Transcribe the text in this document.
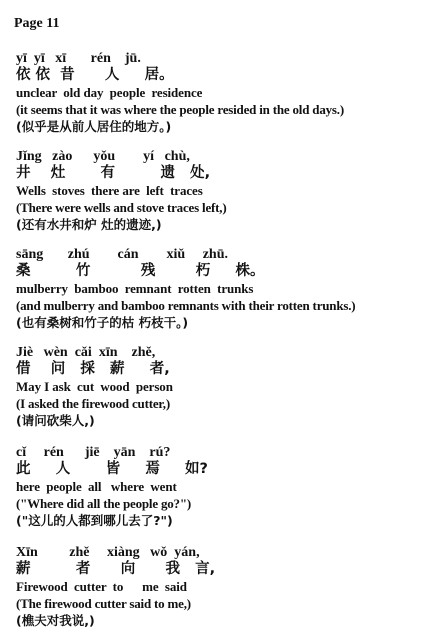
Page 11
yī  yī   xī       rén    jū.
依 依  昔      人     居。
unclear  old day  people  residence
(it seems that it was where the people resided in the old days.)
(似乎是从前人居住的地方。)
Jǐng   zào      yǒu        yí   chù,
井    灶       有         遗   处,
Wells  stoves  there are  left  traces
(There were wells and stove traces left,)
(还有水井和炉 灶的遗迹,)
sāng       zhú        cán        xiǔ     zhū.
桑         竹          残        朽     株。
mulberry  bamboo  remnant  rotten  trunks
(and mulberry and bamboo remnants with their rotten trunks.)
(也有桑树和竹子的枯 朽枝干。)
Jiè   wèn  cǎi  xīn    zhě,
借    问   採   薪     者,
May I ask  cut  wood  person
(I asked the firewood cutter,)
(请问砍柴人,)
cǐ     rén      jiē    yān    rú?
此     人       皆     焉     如?
here  people  all   where  went
("Where did all the people go?")
("这儿的人都到哪儿去了?")
Xīn         zhě     xiàng   wǒ  yán,
薪         者      向      我   言,
Firewood  cutter  to      me  said
(The firewood cutter said to me,)
(樵夫对我说,)
